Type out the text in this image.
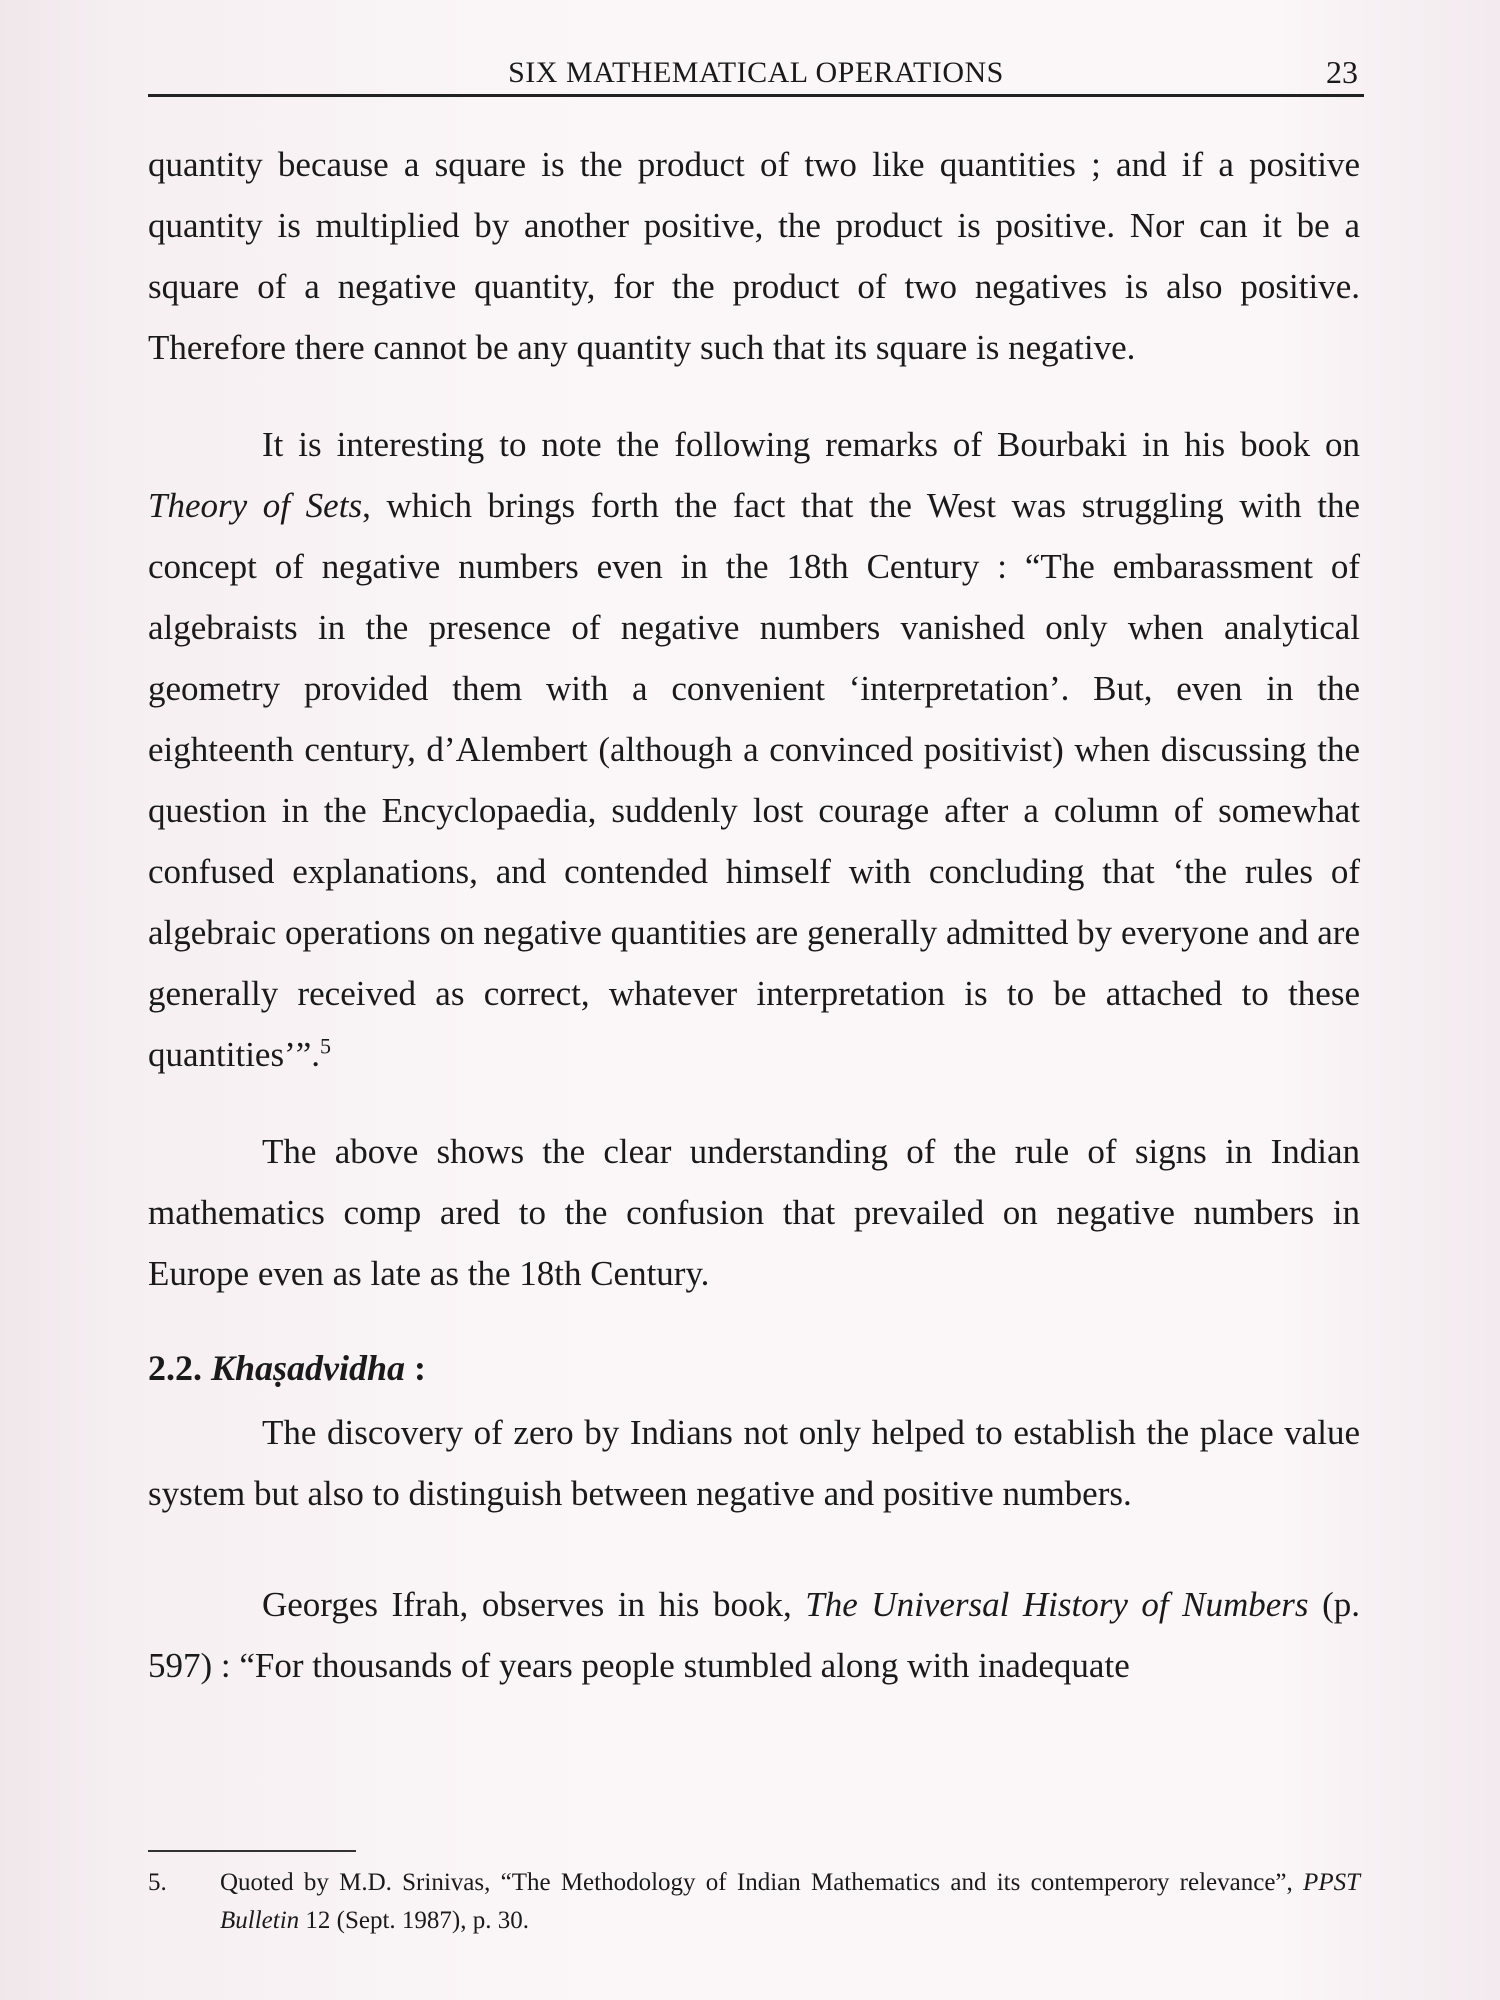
SIX MATHEMATICAL OPERATIONS	23

quantity because a square is the product of two like quantities ; and if a positive quantity is multiplied by another positive, the product is positive. Nor can it be a square of a negative quantity, for the product of two negatives is also positive. Therefore there cannot be any quantity such that its square is negative.

It is interesting to note the following remarks of Bourbaki in his book on Theory of Sets, which brings forth the fact that the West was struggling with the concept of negative numbers even in the 18th Century : “The embarassment of algebraists in the presence of negative numbers vanished only when analytical geometry provided them with a convenient ‘interpretation’. But, even in the eighteenth century, d’Alembert (although a convinced positivist) when discussing the question in the Encyclopaedia, suddenly lost courage after a column of somewhat confused explanations, and contended himself with concluding that ‘the rules of algebraic operations on negative quantities are generally admitted by everyone and are generally received as correct, whatever interpretation is to be attached to these quantities’”.$^5$

The above shows the clear understanding of the rule of signs in Indian mathematics comp ared to the confusion that prevailed on negative numbers in Europe even as late as the 18th Century.

2.2. Khaṣadvidha :

The discovery of zero by Indians not only helped to establish the place value system but also to distinguish between negative and positive numbers.

Georges Ifrah, observes in his book, The Universal History of Numbers (p. 597) : “For thousands of years people stumbled along with inadequate

5. Quoted by M.D. Srinivas, “The Methodology of Indian Mathematics and its contemperory relevance”, PPST Bulletin 12 (Sept. 1987), p. 30.
